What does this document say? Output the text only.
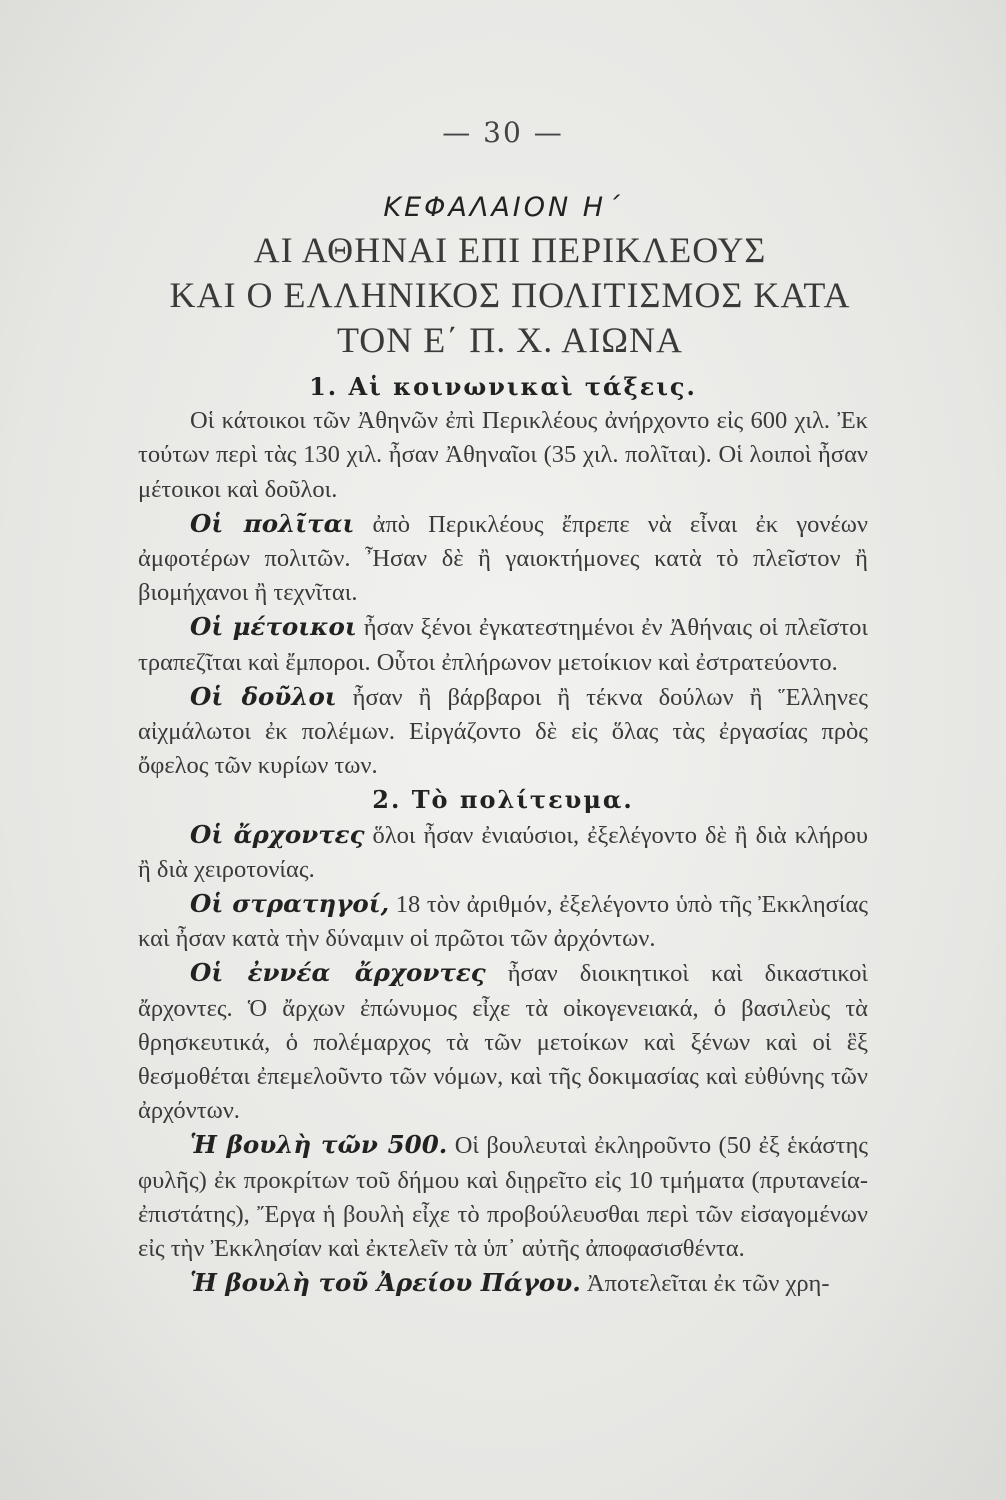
— 30 —
ΚΕΦΑΛΑΙΟΝ Η΄
ΑΙ ΑΘΗΝΑΙ ΕΠΙ ΠΕΡΙΚΛΕΟΥΣ
ΚΑΙ Ο ΕΛΛΗΝΙΚΟΣ ΠΟΛΙΤΙΣΜΟΣ ΚΑΤΑ
ΤΟΝ Ε΄ Π. Χ. ΑΙΩΝΑ

1. Αἱ κοινωνικαὶ τάξεις.

Οἱ κάτοικοι τῶν Ἀθηνῶν ἐπὶ Περικλέους ἀνήρχοντο εἰς 600 χιλ. Ἐκ τούτων περὶ τὰς 130 χιλ. ἦσαν Ἀθηναῖοι (35 χιλ. πολῖται). Οἱ λοιποὶ ἦσαν μέτοικοι καὶ δοῦλοι.

Οἱ πολῖται ἀπὸ Περικλέους ἔπρεπε νὰ εἶναι ἐκ γονέων ἀμφοτέρων πολιτῶν. Ἦσαν δὲ ἢ γαιοκτήμονες κατὰ τὸ πλεῖστον ἢ βιομήχανοι ἢ τεχνῖται.

Οἱ μέτοικοι ἦσαν ξένοι ἐγκατεστημένοι ἐν Ἀθήναις οἱ πλεῖστοι τραπεζῖται καὶ ἔμποροι. Οὗτοι ἐπλήρωνον μετοίκιον καὶ ἐστρατεύοντο.

Οἱ δοῦλοι ἦσαν ἢ βάρβαροι ἢ τέκνα δούλων ἢ Ἕλληνες αἰχμάλωτοι ἐκ πολέμων. Εἰργάζοντο δὲ εἰς ὅλας τὰς ἐργασίας πρὸς ὄφελος τῶν κυρίων των.

2. Τὸ πολίτευμα.

Οἱ ἄρχοντες ὅλοι ἦσαν ἐνιαύσιοι, ἐξελέγοντο δὲ ἢ διὰ κλήρου ἢ διὰ χειροτονίας.

Οἱ στρατηγοί, 18 τὸν ἀριθμόν, ἐξελέγοντο ὑπὸ τῆς Ἐκκλησίας καὶ ἦσαν κατὰ τὴν δύναμιν οἱ πρῶτοι τῶν ἀρχόντων.

Οἱ ἐννέα ἄρχοντες ἦσαν διοικητικοὶ καὶ δικαστικοὶ ἄρχοντες. Ὁ ἄρχων ἐπώνυμος εἶχε τὰ οἰκογενειακά, ὁ βασιλεὺς τὰ θρησκευτικά, ὁ πολέμαρχος τὰ τῶν μετοίκων καὶ ξένων καὶ οἱ ἓξ θεσμοθέται ἐπεμελοῦντο τῶν νόμων, καὶ τῆς δοκιμασίας καὶ εὐθύνης τῶν ἀρχόντων.

Ἡ βουλὴ τῶν 500. Οἱ βουλευταὶ ἐκληροῦντο (50 ἐξ ἑκάστης φυλῆς) ἐκ προκρίτων τοῦ δήμου καὶ διῃρεῖτο εἰς 10 τμήματα (πρυτανεία-ἐπιστάτης), Ἔργα ἡ βουλὴ εἶχε τὸ προβούλευσθαι περὶ τῶν εἰσαγομένων εἰς τὴν Ἐκκλησίαν καὶ ἐκτελεῖν τὰ ὑπ᾿ αὐτῆς ἀποφασισθέντα.

Ἡ βουλὴ τοῦ Ἀρείου Πάγου. Ἀποτελεῖται ἐκ τῶν χρη-
